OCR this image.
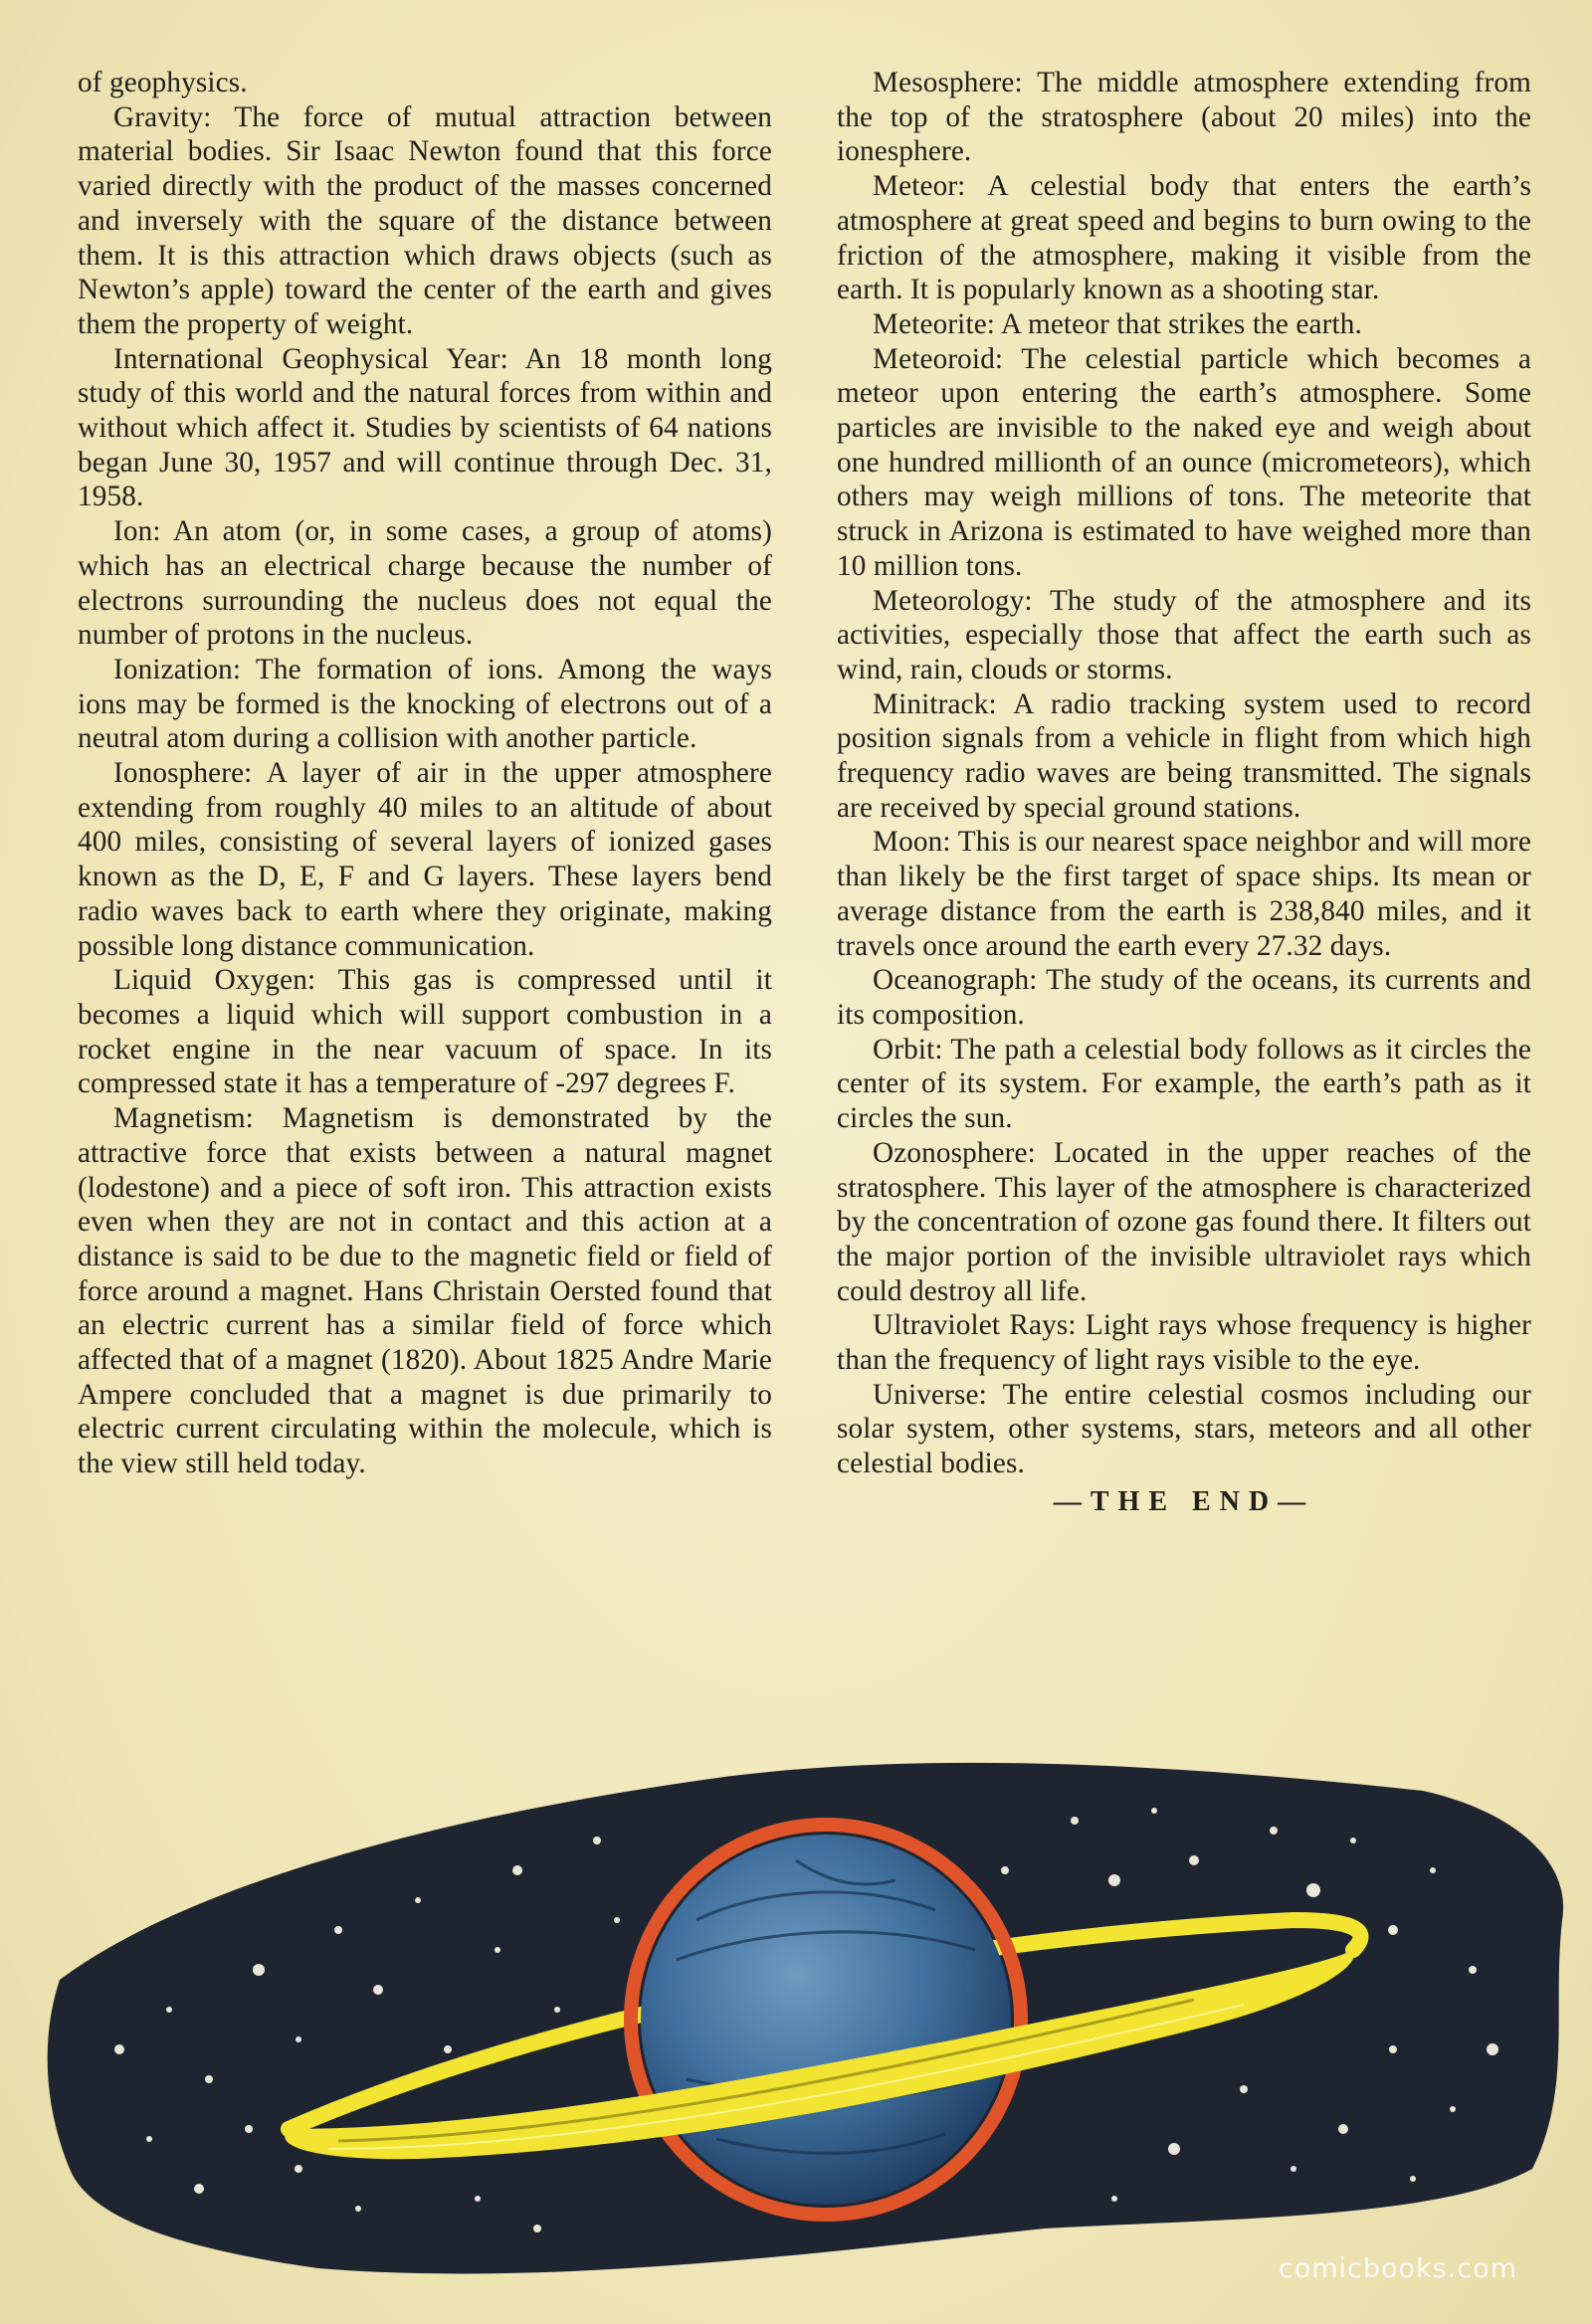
of geophysics.

Gravity: The force of mutual attraction between material bodies. Sir Isaac Newton found that this force varied directly with the product of the masses concerned and inversely with the square of the distance between them. It is this attraction which draws objects (such as Newton’s apple) toward the center of the earth and gives them the property of weight.

International Geophysical Year: An 18 month long study of this world and the natural forces from within and without which affect it. Studies by scientists of 64 nations began June 30, 1957 and will continue through Dec. 31, 1958.

Ion: An atom (or, in some cases, a group of atoms) which has an electrical charge because the number of electrons surrounding the nucleus does not equal the number of protons in the nucleus.

Ionization: The formation of ions. Among the ways ions may be formed is the knocking of electrons out of a neutral atom during a collision with another particle.

Ionosphere: A layer of air in the upper atmosphere extending from roughly 40 miles to an altitude of about 400 miles, consisting of several layers of ionized gases known as the D, E, F and G layers. These layers bend radio waves back to earth where they originate, making possible long distance communication.

Liquid Oxygen: This gas is compressed until it becomes a liquid which will support combustion in a rocket engine in the near vacuum of space. In its compressed state it has a temperature of -297 degrees F.

Magnetism: Magnetism is demonstrated by the attractive force that exists between a natural magnet (lodestone) and a piece of soft iron. This attraction exists even when they are not in contact and this action at a distance is said to be due to the magnetic field or field of force around a magnet. Hans Christain Oersted found that an electric current has a similar field of force which affected that of a magnet (1820). About 1825 Andre Marie Ampere concluded that a magnet is due primarily to electric current circulating within the molecule, which is the view still held today.

Mesosphere: The middle atmosphere extending from the top of the stratosphere (about 20 miles) into the ionesphere.

Meteor: A celestial body that enters the earth’s atmosphere at great speed and begins to burn owing to the friction of the atmosphere, making it visible from the earth. It is popularly known as a shooting star.

Meteorite: A meteor that strikes the earth.

Meteoroid: The celestial particle which becomes a meteor upon entering the earth’s atmosphere. Some particles are invisible to the naked eye and weigh about one hundred millionth of an ounce (micrometeors), which others may weigh millions of tons. The meteorite that struck in Arizona is estimated to have weighed more than 10 million tons.

Meteorology: The study of the atmosphere and its activities, especially those that affect the earth such as wind, rain, clouds or storms.

Minitrack: A radio tracking system used to record position signals from a vehicle in flight from which high frequency radio waves are being transmitted. The signals are received by special ground stations.

Moon: This is our nearest space neighbor and will more than likely be the first target of space ships. Its mean or average distance from the earth is 238,840 miles, and it travels once around the earth every 27.32 days.

Oceanograph: The study of the oceans, its currents and its composition.

Orbit: The path a celestial body follows as it circles the center of its system. For example, the earth’s path as it circles the sun.

Ozonosphere: Located in the upper reaches of the stratosphere. This layer of the atmosphere is characterized by the concentration of ozone gas found there. It filters out the major portion of the invisible ultraviolet rays which could destroy all life.

Ultraviolet Rays: Light rays whose frequency is higher than the frequency of light rays visible to the eye.

Universe: The entire celestial cosmos including our solar system, other systems, stars, meteors and all other celestial bodies.

—THE END—

comicbooks.com
